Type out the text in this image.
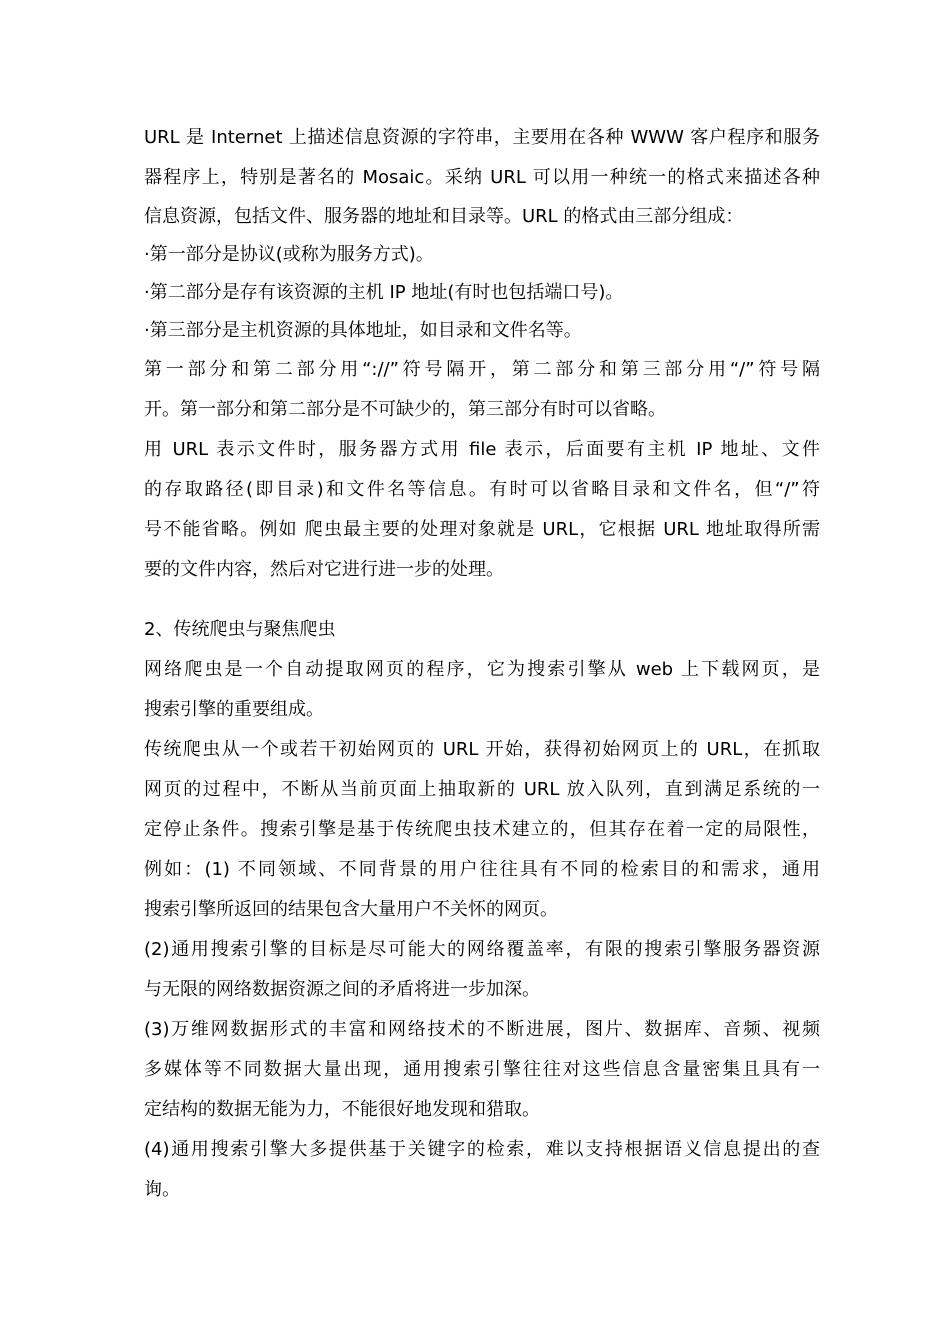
URL 是 Internet 上描述信息资源的字符串，主要用在各种 WWW 客户程序和服务
器程序上，特别是著名的 Mosaic。采纳 URL 可以用一种统一的格式来描述各种
信息资源，包括文件、服务器的地址和目录等。URL 的格式由三部分组成：
·第一部分是协议(或称为服务方式)。
·第二部分是存有该资源的主机 IP 地址(有时也包括端口号)。
·第三部分是主机资源的具体地址，如目录和文件名等。
第一部分和第二部分用“://”符号隔开，第二部分和第三部分用“/”符号隔
开。第一部分和第二部分是不可缺少的，第三部分有时可以省略。
用 URL 表示文件时，服务器方式用 file 表示，后面要有主机 IP 地址、文件
的存取路径(即目录)和文件名等信息。有时可以省略目录和文件名，但“/”符
号不能省略。例如 爬虫最主要的处理对象就是 URL，它根据 URL 地址取得所需
要的文件内容，然后对它进行进一步的处理。
2、传统爬虫与聚焦爬虫
网络爬虫是一个自动提取网页的程序，它为搜索引擎从 web 上下载网页，是
搜索引擎的重要组成。
传统爬虫从一个或若干初始网页的 URL 开始，获得初始网页上的 URL，在抓取
网页的过程中，不断从当前页面上抽取新的 URL 放入队列，直到满足系统的一
定停止条件。搜索引擎是基于传统爬虫技术建立的，但其存在着一定的局限性，
例如：(1) 不同领域、不同背景的用户往往具有不同的检索目的和需求，通用
搜索引擎所返回的结果包含大量用户不关怀的网页。
(2)通用搜索引擎的目标是尽可能大的网络覆盖率，有限的搜索引擎服务器资源
与无限的网络数据资源之间的矛盾将进一步加深。
(3)万维网数据形式的丰富和网络技术的不断进展，图片、数据库、音频、视频
多媒体等不同数据大量出现，通用搜索引擎往往对这些信息含量密集且具有一
定结构的数据无能为力，不能很好地发现和猎取。
(4)通用搜索引擎大多提供基于关键字的检索，难以支持根据语义信息提出的查
询。
